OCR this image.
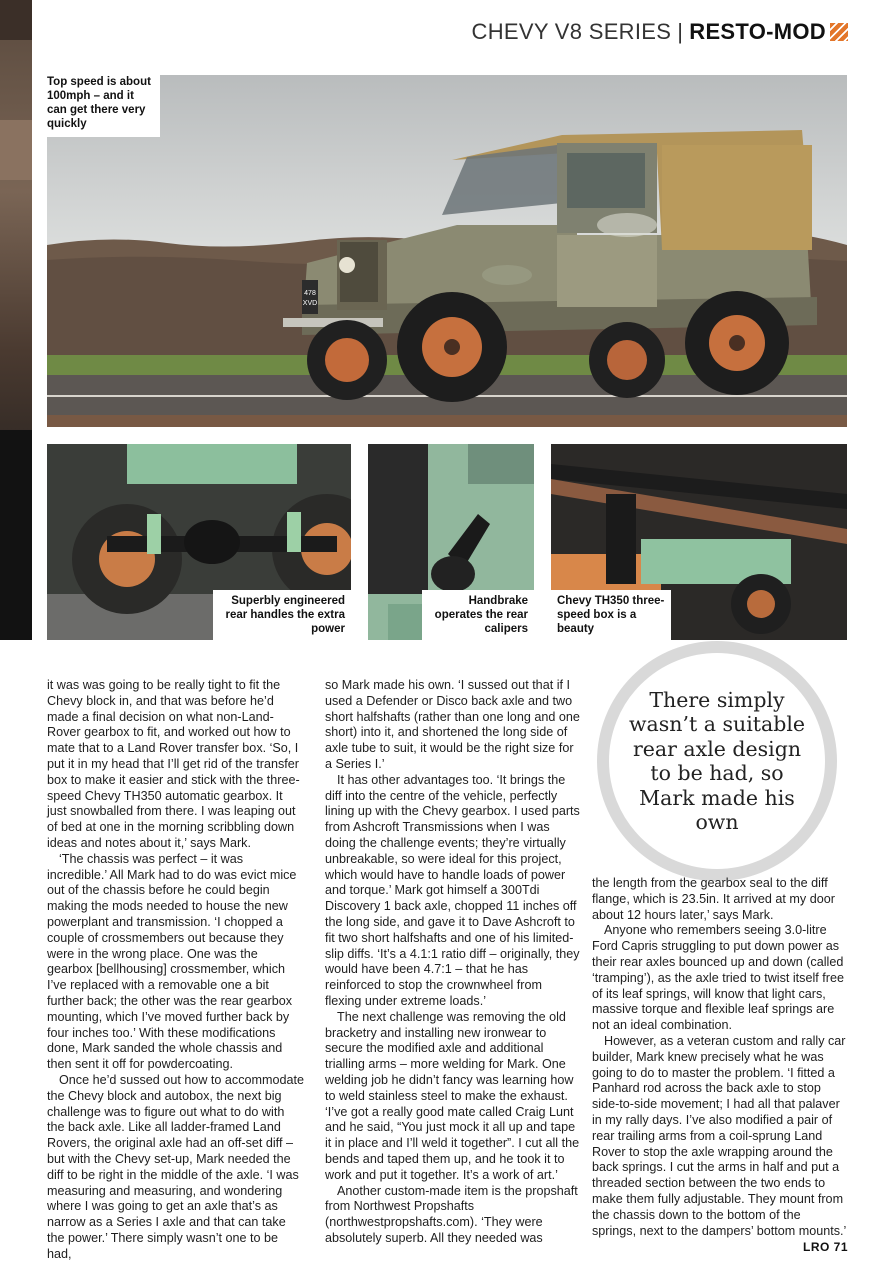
CHEVY V8 SERIES | RESTO-MOD
478 XVD
Top speed is about 100mph – and it can get there very quickly
Superbly engineered rear handles the extra power
Handbrake operates the rear calipers
Chevy TH350 three-speed box is a beauty
There simply wasn’t a suitable rear axle design to be had, so Mark made his own

it was was going to be really tight to fit the Chevy block in, and that was before he’d made a final decision on what non-Land-Rover gearbox to fit, and worked out how to mate that to a Land Rover transfer box. ‘So, I put it in my head that I’ll get rid of the transfer box to make it easier and stick with the three-speed Chevy TH350 automatic gearbox. It just snowballed from there. I was leaping out of bed at one in the morning scribbling down ideas and notes about it,’ says Mark.

‘The chassis was perfect – it was incredible.’ All Mark had to do was evict mice out of the chassis before he could begin making the mods needed to house the new powerplant and transmission. ‘I chopped a couple of crossmembers out because they were in the wrong place. One was the gearbox [bellhousing] crossmember, which I’ve replaced with a removable one a bit further back; the other was the rear gearbox mounting, which I’ve moved further back by four inches too.’ With these modifications done, Mark sanded the whole chassis and then sent it off for powdercoating.

Once he’d sussed out how to accommodate the Chevy block and autobox, the next big challenge was to figure out what to do with the back axle. Like all ladder-framed Land Rovers, the original axle had an off-set diff – but with the Chevy set-up, Mark needed the diff to be right in the middle of the axle. ‘I was measuring and measuring, and wondering where I was going to get an axle that’s as narrow as a Series I axle and that can take the power.’ There simply wasn’t one to be had,

so Mark made his own. ‘I sussed out that if I used a Defender or Disco back axle and two short halfshafts (rather than one long and one short) into it, and shortened the long side of axle tube to suit, it would be the right size for a Series I.’

It has other advantages too. ‘It brings the diff into the centre of the vehicle, perfectly lining up with the Chevy gearbox. I used parts from Ashcroft Transmissions when I was doing the challenge events; they’re virtually unbreakable, so were ideal for this project, which would have to handle loads of power and torque.’ Mark got himself a 300Tdi Discovery 1 back axle, chopped 11 inches off the long side, and gave it to Dave Ashcroft to fit two short halfshafts and one of his limited-slip diffs. ‘It’s a 4.1:1 ratio diff – originally, they would have been 4.7:1 – that he has reinforced to stop the crownwheel from flexing under extreme loads.’

The next challenge was removing the old bracketry and installing new ironwear to secure the modified axle and additional trialling arms – more welding for Mark. One welding job he didn’t fancy was learning how to weld stainless steel to make the exhaust. ‘I’ve got a really good mate called Craig Lunt and he said, “You just mock it all up and tape it in place and I’ll weld it together”. I cut all the bends and taped them up, and he took it to work and put it together. It’s a work of art.’

Another custom-made item is the propshaft from Northwest Propshafts (northwestpropshafts.com). ‘They were absolutely superb. All they needed was

the length from the gearbox seal to the diff flange, which is 23.5in. It arrived at my door about 12 hours later,’ says Mark.

Anyone who remembers seeing 3.0-litre Ford Capris struggling to put down power as their rear axles bounced up and down (called ‘tramping’), as the axle tried to twist itself free of its leaf springs, will know that light cars, massive torque and flexible leaf springs are not an ideal combination.

However, as a veteran custom and rally car builder, Mark knew precisely what he was going to do to master the problem. ‘I fitted a Panhard rod across the back axle to stop side-to-side movement; I had all that palaver in my rally days. I’ve also modified a pair of rear trailing arms from a coil-sprung Land Rover to stop the axle wrapping around the back springs. I cut the arms in half and put a threaded section between the two ends to make them fully adjustable. They mount from the chassis down to the bottom of the springs, next to the dampers’ bottom mounts.’

LRO 71
